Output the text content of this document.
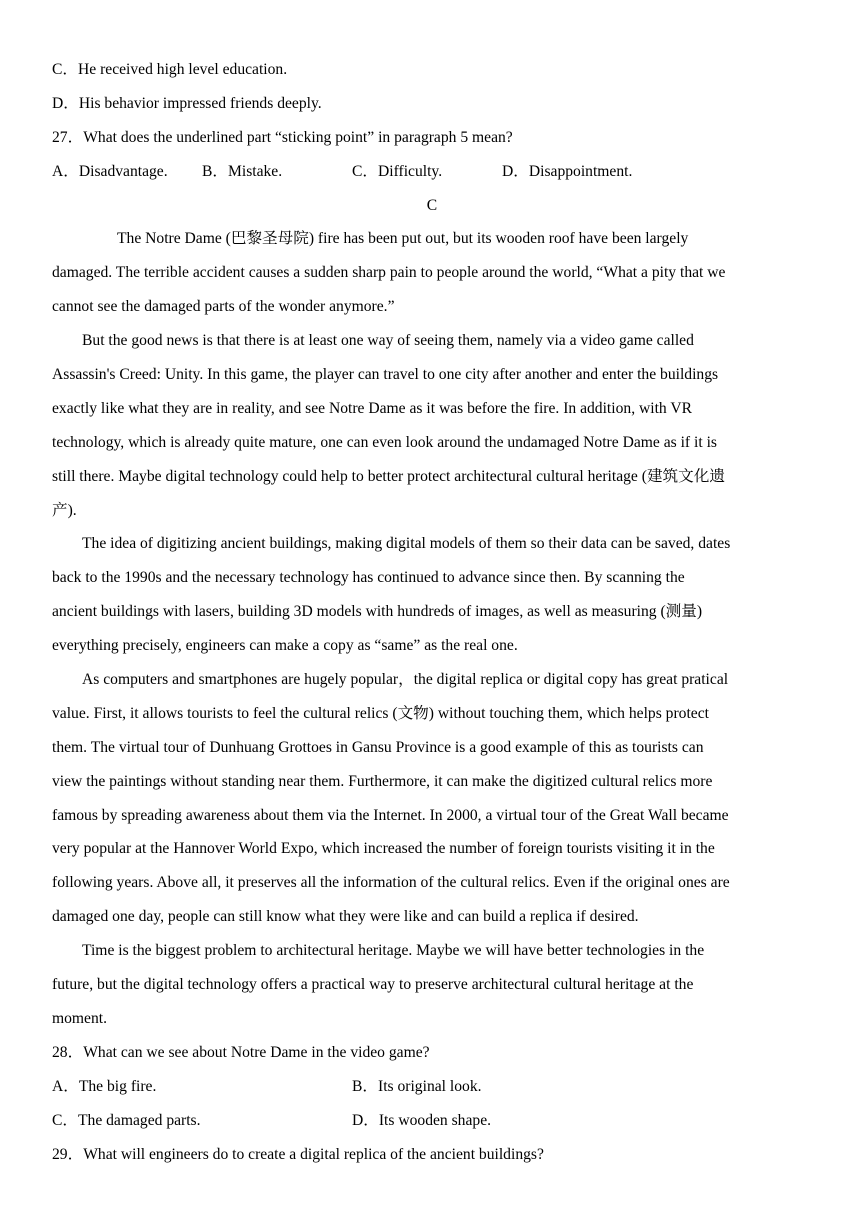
C．He received high level education.
D．His behavior impressed friends deeply.
27．What does the underlined part “sticking point” in paragraph 5 mean?
A．Disadvantage. B．Mistake.	C．Difficulty.	D．Disappointment.
C
The Notre Dame (巴黎圣母院) fire has been put out, but its wooden roof have been largely
damaged. The terrible accident causes a sudden sharp pain to people around the world, “What a pity that we
cannot see the damaged parts of the wonder anymore.”
But the good news is that there is at least one way of seeing them, namely via a video game called
Assassin's Creed: Unity. In this game, the player can travel to one city after another and enter the buildings
exactly like what they are in reality, and see Notre Dame as it was before the fire. In addition, with VR
technology, which is already quite mature, one can even look around the undamaged Notre Dame as if it is
still there. Maybe digital technology could help to better protect architectural cultural heritage (建筑文化遗
产).
The idea of digitizing ancient buildings, making digital models of them so their data can be saved, dates
back to the 1990s and the necessary technology has continued to advance since then. By scanning the
ancient buildings with lasers, building 3D models with hundreds of images, as well as measuring (测量)
everything precisely, engineers can make a copy as “same” as the real one.
As computers and smartphones are hugely popular，the digital replica or digital copy has great pratical
value. First, it allows tourists to feel the cultural relics (文物) without touching them, which helps protect
them. The virtual tour of Dunhuang Grottoes in Gansu Province is a good example of this as tourists can
view the paintings without standing near them. Furthermore, it can make the digitized cultural relics more
famous by spreading awareness about them via the Internet. In 2000, a virtual tour of the Great Wall became
very popular at the Hannover World Expo, which increased the number of foreign tourists visiting it in the
following years. Above all, it preserves all the information of the cultural relics. Even if the original ones are
damaged one day, people can still know what they were like and can build a replica if desired.
Time is the biggest problem to architectural heritage. Maybe we will have better technologies in the
future, but the digital technology offers a practical way to preserve architectural cultural heritage at the
moment.
28．What can we see about Notre Dame in the video game?
A．The big fire.	B．Its original look.
C．The damaged parts.	D．Its wooden shape.
29．What will engineers do to create a digital replica of the ancient buildings?
